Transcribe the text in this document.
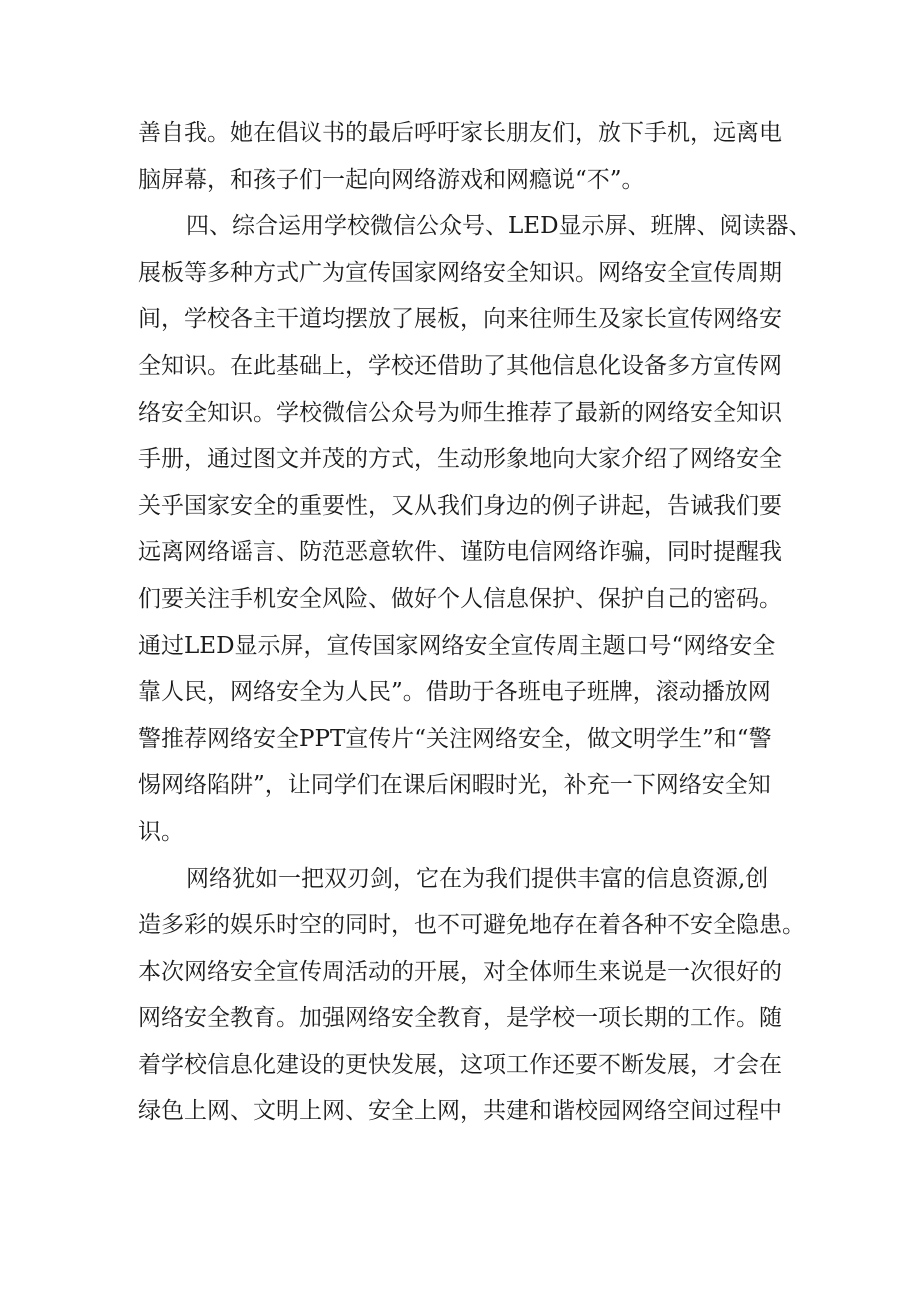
善自我。她在倡议书的最后呼吁家长朋友们，放下手机，远离电
脑屏幕，和孩子们一起向网络游戏和网瘾说“不”。
四、综合运用学校微信公众号、LED显示屏、班牌、阅读器、
展板等多种方式广为宣传国家网络安全知识。网络安全宣传周期
间，学校各主干道均摆放了展板，向来往师生及家长宣传网络安
全知识。在此基础上，学校还借助了其他信息化设备多方宣传网
络安全知识。学校微信公众号为师生推荐了最新的网络安全知识
手册，通过图文并茂的方式，生动形象地向大家介绍了网络安全
关乎国家安全的重要性，又从我们身边的例子讲起，告诫我们要
远离网络谣言、防范恶意软件、谨防电信网络诈骗，同时提醒我
们要关注手机安全风险、做好个人信息保护、保护自己的密码。
通过LED显示屏，宣传国家网络安全宣传周主题口号“网络安全
靠人民，网络安全为人民”。借助于各班电子班牌，滚动播放网
警推荐网络安全PPT宣传片“关注网络安全，做文明学生”和“警
惕网络陷阱”，让同学们在课后闲暇时光，补充一下网络安全知
识。
网络犹如一把双刃剑，它在为我们提供丰富的信息资源,创
造多彩的娱乐时空的同时，也不可避免地存在着各种不安全隐患。
本次网络安全宣传周活动的开展，对全体师生来说是一次很好的
网络安全教育。加强网络安全教育，是学校一项长期的工作。随
着学校信息化建设的更快发展，这项工作还要不断发展，才会在
绿色上网、文明上网、安全上网，共建和谐校园网络空间过程中
